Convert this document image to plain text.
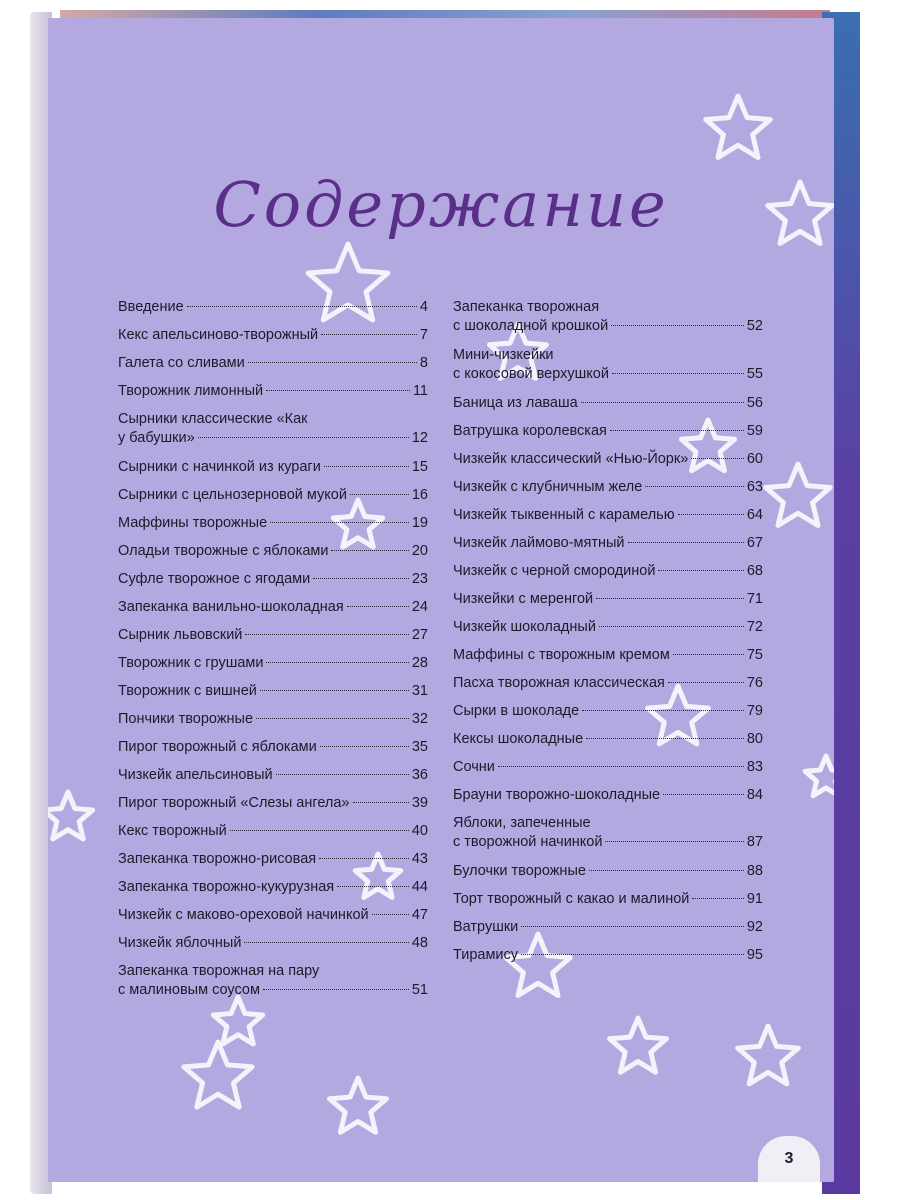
Содержание
Введение	4
Кекс апельсиново-творожный	7
Галета со сливами	8
Творожник лимонный	11
Сырники классические «Как
у бабушки»	12
Сырники с начинкой из кураги	15
Сырники с цельнозерновой мукой	16
Маффины творожные	19
Оладьи творожные с яблоками	20
Суфле творожное с ягодами	23
Запеканка ванильно-шоколадная	24
Сырник львовский	27
Творожник с грушами	28
Творожник с вишней	31
Пончики творожные	32
Пирог творожный с яблоками	35
Чизкейк апельсиновый	36
Пирог творожный «Слезы ангела»	39
Кекс творожный	40
Запеканка творожно-рисовая	43
Запеканка творожно-кукурузная	44
Чизкейк с маково-ореховой начинкой	47
Чизкейк яблочный	48
Запеканка творожная на пару
с малиновым соусом	51
Запеканка творожная
с шоколадной крошкой	52
Мини-чизкейки
с кокосовой верхушкой	55
Баница из лаваша	56
Ватрушка королевская	59
Чизкейк классический «Нью-Йорк»	60
Чизкейк с клубничным желе	63
Чизкейк тыквенный с карамелью	64
Чизкейк лаймово-мятный	67
Чизкейк с черной смородиной	68
Чизкейки с меренгой	71
Чизкейк шоколадный	72
Маффины с творожным кремом	75
Пасха творожная классическая	76
Сырки в шоколаде	79
Кексы шоколадные	80
Сочни	83
Брауни творожно-шоколадные	84
Яблоки, запеченные
с творожной начинкой	87
Булочки творожные	88
Торт творожный с какао и малиной	91
Ватрушки	92
Тирамису	95
3
